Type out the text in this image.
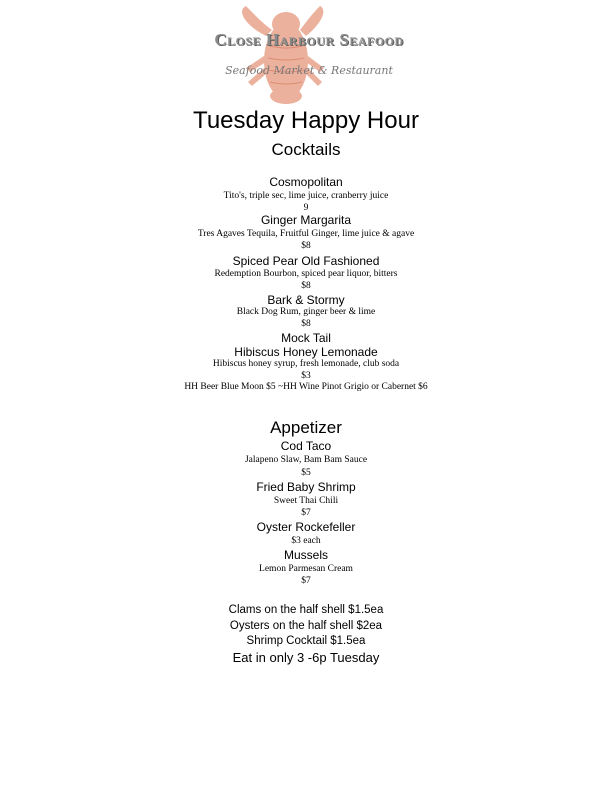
Close Harbour Seafood
Seafood Market & Restaurant
Tuesday Happy Hour
Cocktails
Cosmopolitan
Tito's, triple sec, lime juice, cranberry juice
9
Ginger Margarita
Tres Agaves Tequila, Fruitful Ginger, lime juice & agave
$8
Spiced Pear Old Fashioned
Redemption Bourbon, spiced pear liquor, bitters
$8
Bark & Stormy
Black Dog Rum, ginger beer & lime
$8
Mock Tail
Hibiscus Honey Lemonade
Hibiscus honey syrup, fresh lemonade, club soda
$3
HH Beer Blue Moon $5 ~HH Wine Pinot Grigio or Cabernet $6
Appetizer
Cod Taco
Jalapeno Slaw, Bam Bam Sauce
$5
Fried Baby Shrimp
Sweet Thai Chili
$7
Oyster Rockefeller
$3 each
Mussels
Lemon Parmesan Cream
$7
Clams on the half shell $1.5ea
Oysters on the half shell $2ea
Shrimp Cocktail $1.5ea
Eat in only 3 -6p Tuesday
